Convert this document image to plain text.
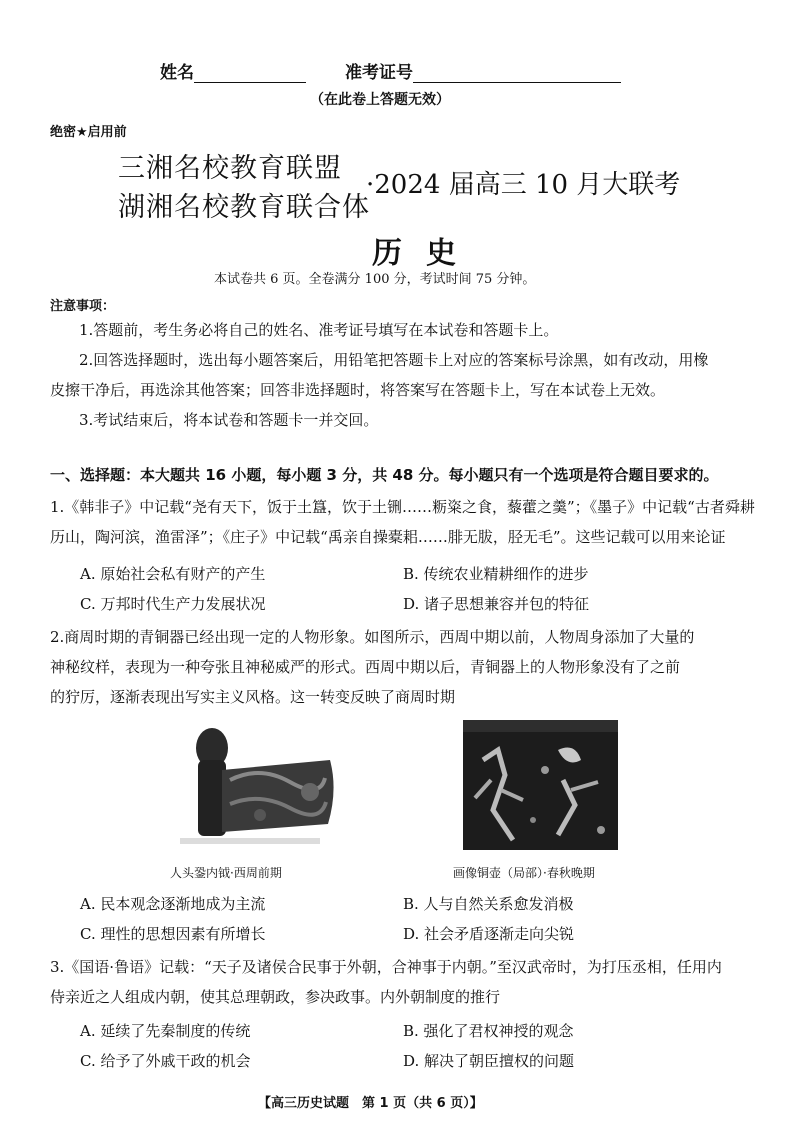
姓名	准考证号
（在此卷上答题无效）
绝密★启用前
三湘名校教育联盟
湖湘名校教育联合体
·2024 届高三 10 月大联考
历史
本试卷共 6 页。全卷满分 100 分，考试时间 75 分钟。
注意事项：
1.答题前，考生务必将自己的姓名、准考证号填写在本试卷和答题卡上。
2.回答选择题时，选出每小题答案后，用铅笔把答题卡上对应的答案标号涂黑，如有改动，用橡
皮擦干净后，再选涂其他答案；回答非选择题时，将答案写在答题卡上，写在本试卷上无效。
3.考试结束后，将本试卷和答题卡一并交回。
一、选择题：本大题共 16 小题，每小题 3 分，共 48 分。每小题只有一个选项是符合题目要求的。
1.《韩非子》中记载“尧有天下，饭于土簋，饮于土铏……粝粢之食，藜藿之羹”；《墨子》中记载“古者舜耕
历山，陶河滨，渔雷泽”；《庄子》中记载“禹亲自操橐耜……腓无胈，胫无毛”。这些记载可以用来论证
A. 原始社会私有财产的产生	B. 传统农业精耕细作的进步
C. 万邦时代生产力发展状况	D. 诸子思想兼容并包的特征
2.商周时期的青铜器已经出现一定的人物形象。如图所示，西周中期以前，人物周身添加了大量的
神秘纹样，表现为一种夸张且神秘威严的形式。西周中期以后，青铜器上的人物形象没有了之前
的狞厉，逐渐表现出写实主义风格。这一转变反映了商周时期
人头銎内钺·西周前期	画像铜壶（局部）·春秋晚期
A. 民本观念逐渐地成为主流	B. 人与自然关系愈发消极
C. 理性的思想因素有所增长	D. 社会矛盾逐渐走向尖锐
3.《国语·鲁语》记载：“天子及诸侯合民事于外朝，合神事于内朝。”至汉武帝时，为打压丞相，任用内
侍亲近之人组成内朝，使其总理朝政，参决政事。内外朝制度的推行
A. 延续了先秦制度的传统	B. 强化了君权神授的观念
C. 给予了外戚干政的机会	D. 解决了朝臣擅权的问题
【高三历史试题　第 1 页（共 6 页）】
